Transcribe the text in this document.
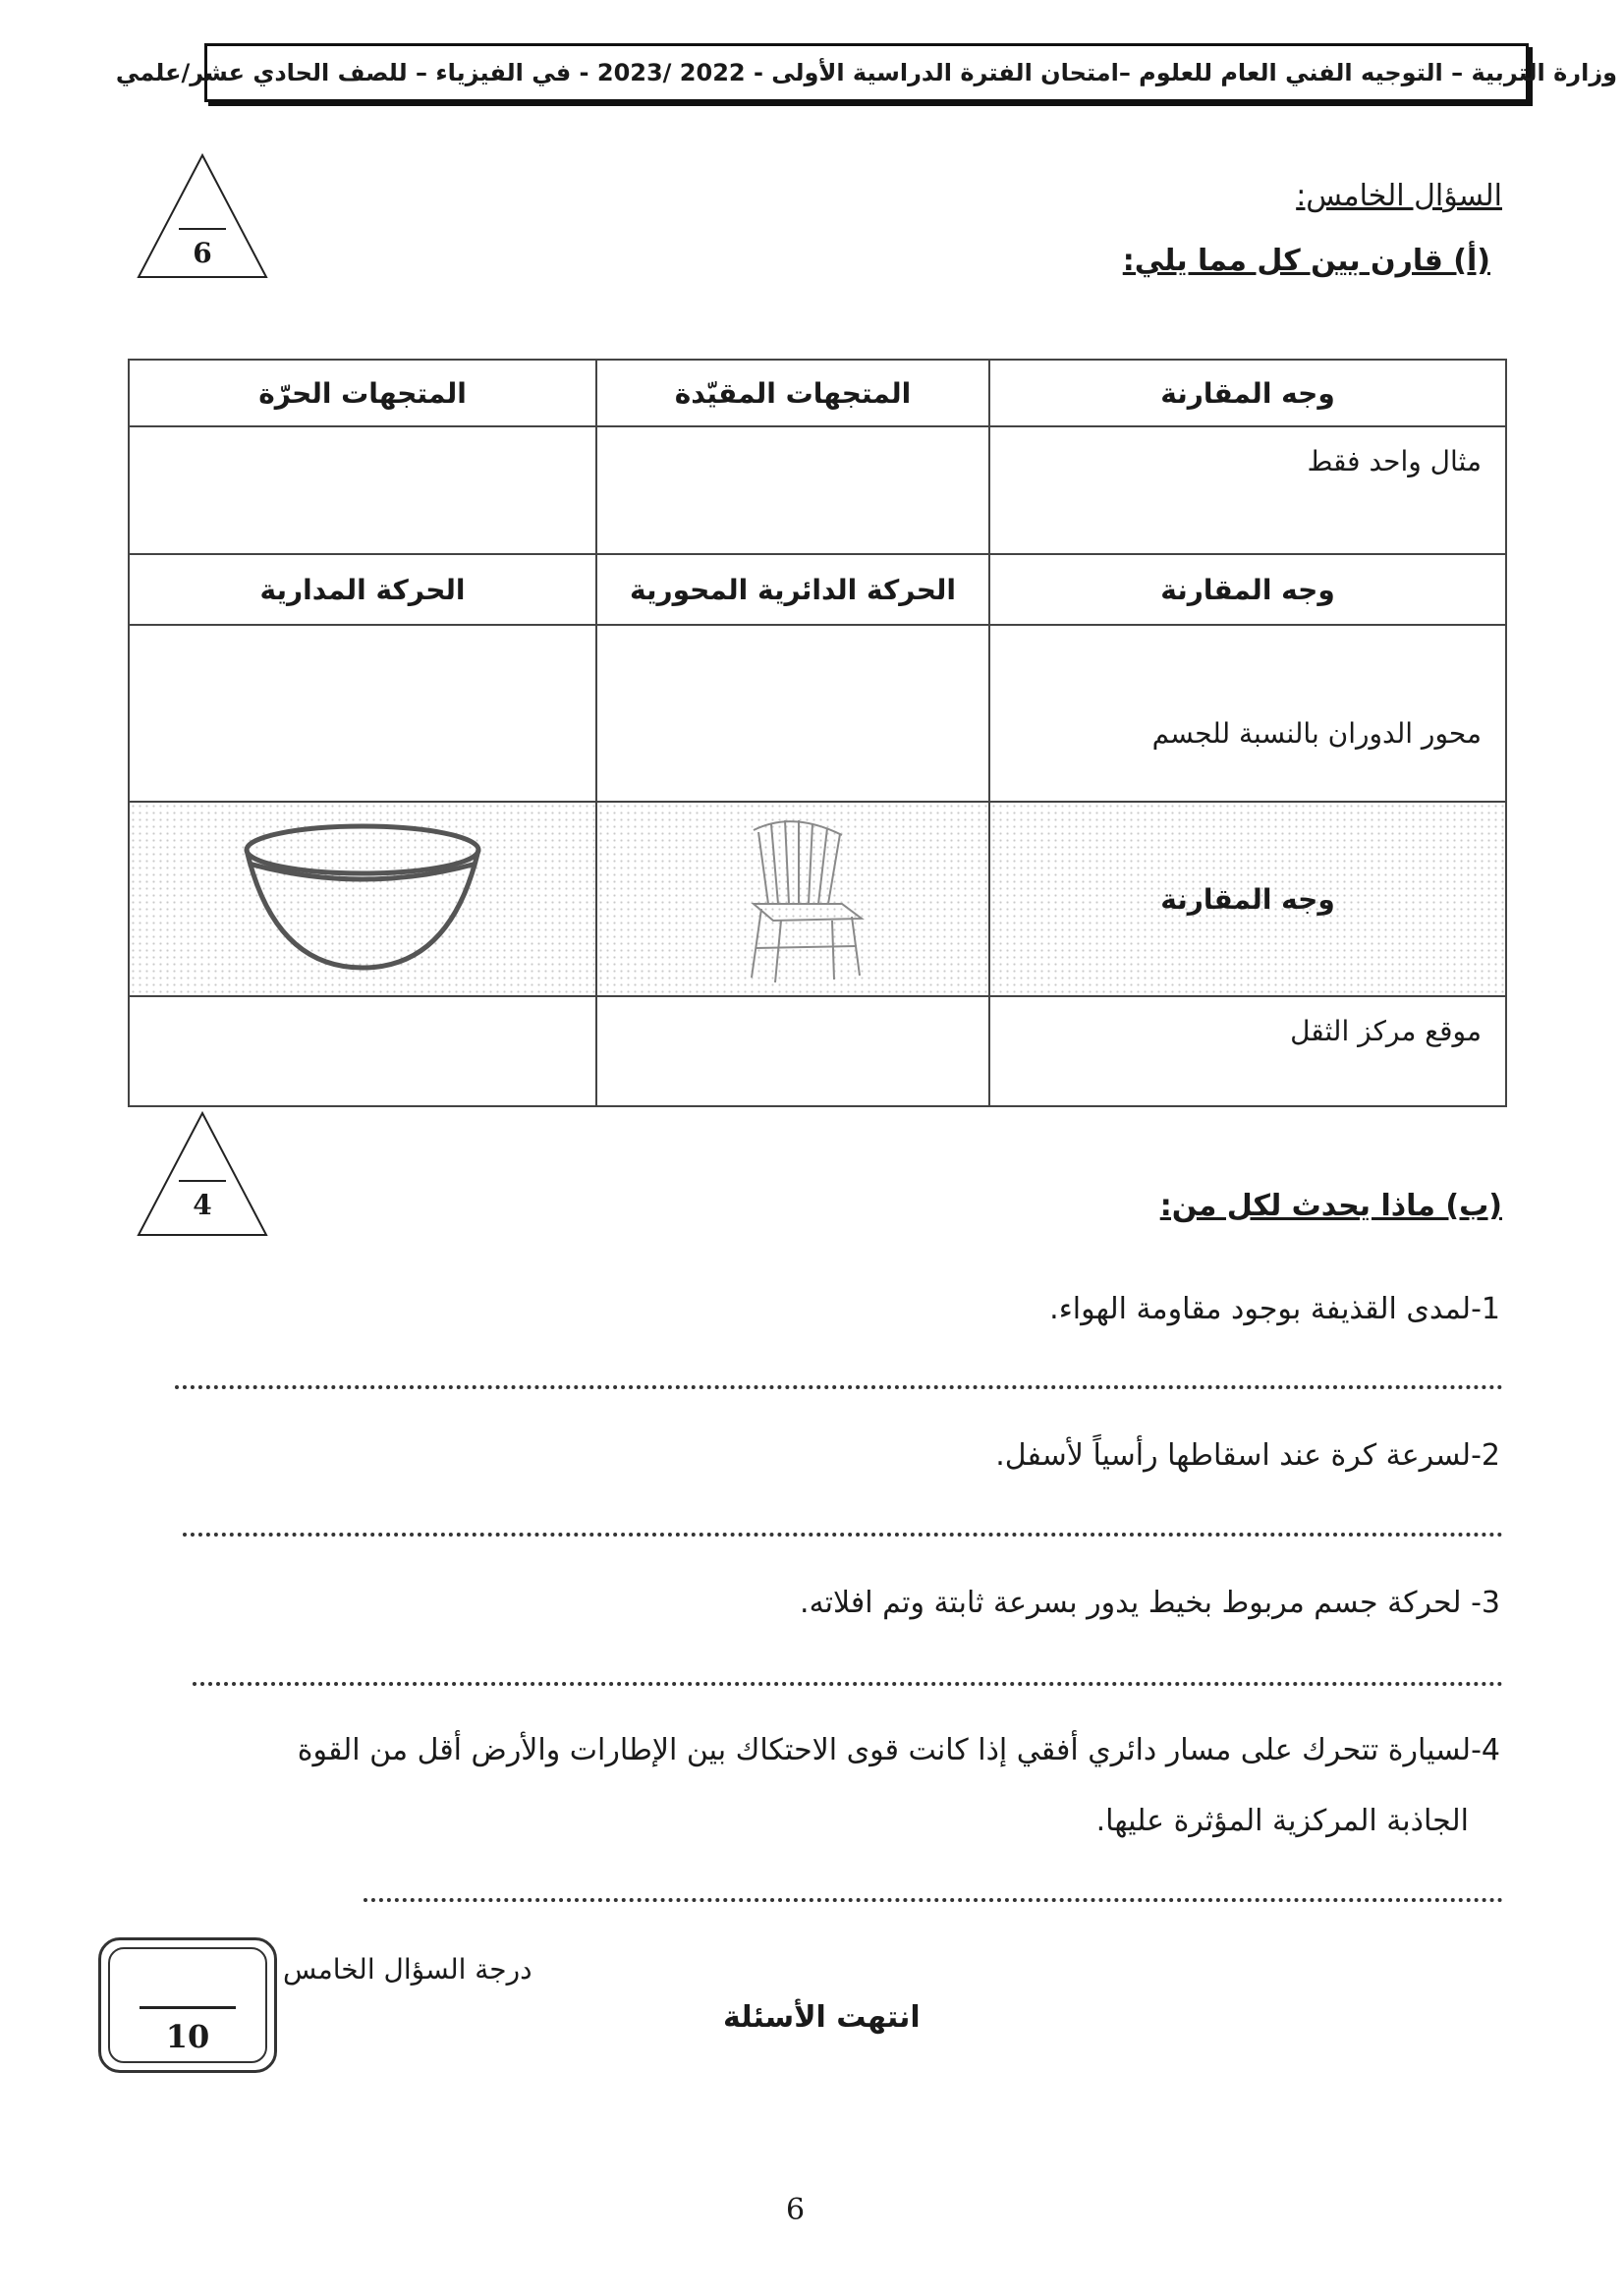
وزارة التربية – التوجيه الفني العام للعلوم –امتحان الفترة الدراسية الأولى - 2022 /2023 - في الفيزياء – للصف الحادي عشر/علمي
السؤال الخامس:
(أ) قارن بين كل مما يلي:
6
وجه المقارنة	المتجهات المقيّدة	المتجهات الحرّة
مثال واحد فقط		
وجه المقارنة	الحركة الدائرية المحورية	الحركة المدارية
محور الدوران بالنسبة للجسم		
وجه المقارنة	

موقع مركز الثقل		
4	(ب) ماذا يحدث لكل من:
1-لمدى القذيفة بوجود مقاومة الهواء.
2-لسرعة كرة عند اسقاطها رأسياً لأسفل.
3- لحركة جسم مربوط بخيط يدور بسرعة ثابتة وتم افلاته.
4-لسيارة تتحرك على مسار دائري أفقي إذا كانت قوى الاحتكاك بين الإطارات والأرض أقل من القوة
الجاذبة المركزية المؤثرة عليها.
10
درجة السؤال الخامس
انتهت الأسئلة
6
